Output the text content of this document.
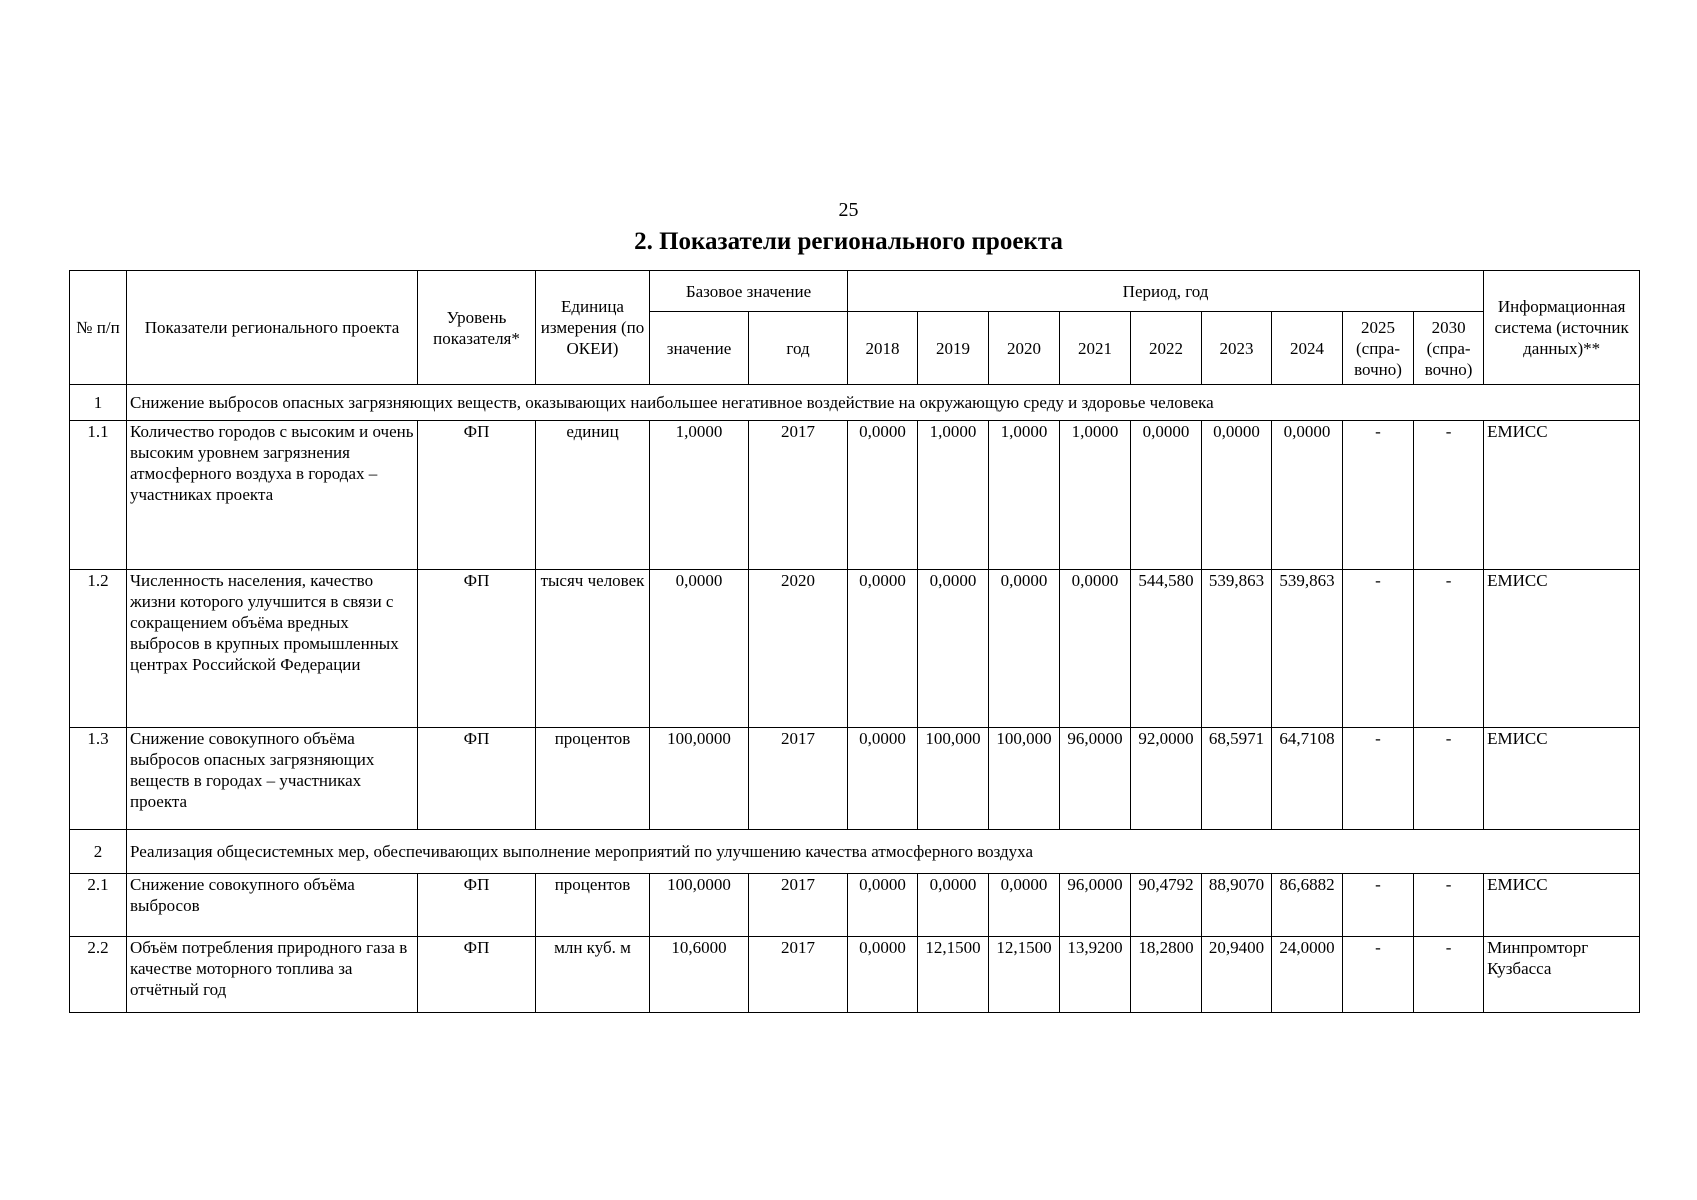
25
2. Показатели регионального проекта
№ п/п	Показатели регионального проекта	Уровень показателя*	Единица измерения (по ОКЕИ)	Базовое значение		Период, год									Информационная система (источник данных)**
				значение	год	2018	2019	2020	2021	2022	2023	2024	2025 (спра-вочно)	2030 (спра-вочно)	
1	Снижение выбросов опасных загрязняющих веществ, оказывающих наибольшее негативное воздействие на окружающую среду и здоровье человека														
1.1	Количество городов с высоким и очень высоким уровнем загрязнения атмосферного воздуха в городах – участниках проекта	ФП	единиц	1,0000	2017	0,0000	1,0000	1,0000	1,0000	0,0000	0,0000	0,0000	-	-	ЕМИСС
1.2	Численность населения, качество жизни которого улучшится в связи с сокращением объёма вредных выбросов в крупных промышленных центрах Российской Федерации	ФП	тысяч человек	0,0000	2020	0,0000	0,0000	0,0000	0,0000	544,580	539,863	539,863	-	-	ЕМИСС
1.3	Снижение совокупного объёма выбросов опасных загрязняющих веществ в городах – участниках проекта	ФП	процентов	100,0000	2017	0,0000	100,000	100,000	96,0000	92,0000	68,5971	64,7108	-	-	ЕМИСС
2	Реализация общесистемных мер, обеспечивающих выполнение мероприятий по улучшению качества атмосферного воздуха														
2.1	Снижение совокупного объёма выбросов	ФП	процентов	100,0000	2017	0,0000	0,0000	0,0000	96,0000	90,4792	88,9070	86,6882	-	-	ЕМИСС
2.2	Объём потребления природного газа в качестве моторного топлива за отчётный год	ФП	млн куб. м	10,6000	2017	0,0000	12,1500	12,1500	13,9200	18,2800	20,9400	24,0000	-	-	Минпромторг Кузбасса
